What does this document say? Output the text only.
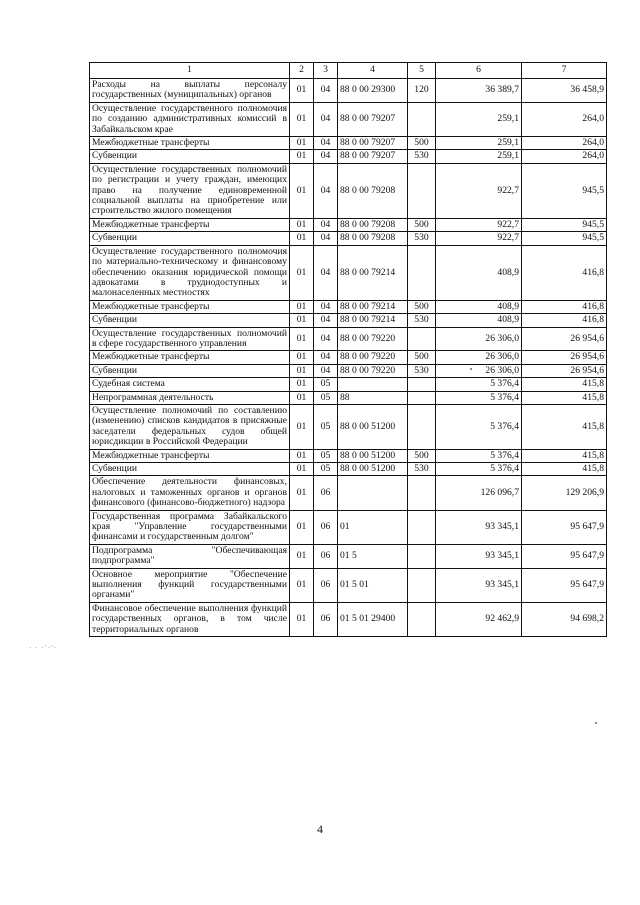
1	2	3	4	5	6	7
Расходы на выплаты персоналу государственных (муниципальных) органов	01	04	88 0 00 29300	120	36 389,7	36 458,9
Осуществление государственного полномочия по созданию административных комиссий в Забайкальском крае	01	04	88 0 00 79207		259,1	264,0
Межбюджетные трансферты	01	04	88 0 00 79207	500	259,1	264,0
Субвенции	01	04	88 0 00 79207	530	259,1	264,0
Осуществление государственных полномочий по регистрации и учету граждан, имеющих право на получение единовременной социальной выплаты на приобретение или строительство жилого помещения	01	04	88 0 00 79208		922,7	945,5
Межбюджетные трансферты	01	04	88 0 00 79208	500	922,7	945,5
Субвенции	01	04	88 0 00 79208	530	922,7	945,5
Осуществление государственного полномочия по материально-техническому и финансовому обеспечению оказания юридической помощи адвокатами в труднодоступных и малонаселенных местностях	01	04	88 0 00 79214		408,9	416,8
Межбюджетные трансферты	01	04	88 0 00 79214	500	408,9	416,8
Субвенции	01	04	88 0 00 79214	530	408,9	416,8
Осуществление государственных полномочий в сфере государственного управления	01	04	88 0 00 79220		26 306,0	26 954,6
Межбюджетные трансферты	01	04	88 0 00 79220	500	26 306,0	26 954,6
Субвенции	01	04	88 0 00 79220	530	26 306,0	26 954,6
Судебная система	01	05			5 376,4	415,8
Непрограммная деятельность	01	05	88		5 376,4	415,8
Осуществление полномочий по составлению (изменению) списков кандидатов в присяжные заседатели федеральных судов общей юрисдикции в Российской Федерации	01	05	88 0 00 51200		5 376,4	415,8
Межбюджетные трансферты	01	05	88 0 00 51200	500	5 376,4	415,8
Субвенции	01	05	88 0 00 51200	530	5 376,4	415,8
Обеспечение деятельности финансовых, налоговых и таможенных органов и органов финансового (финансово-бюджетного) надзора	01	06			126 096,7	129 206,9
Государственная программа Забайкальского края "Управление государственными финансами и государственным долгом"	01	06	01		93 345,1	95 647,9
Подпрограмма "Обеспечивающая подпрограмма"	01	06	01 5		93 345,1	95 647,9
Основное мероприятие "Обеспечение выполнения функций государственными органами"	01	06	01 5 01		93 345,1	95 647,9
Финансовое обеспечение выполнения функций государственных органов, в том числе территориальных органов	01	06	01 5 01 29400		92 462,9	94 698,2
· · ·`·ʹ·
4
